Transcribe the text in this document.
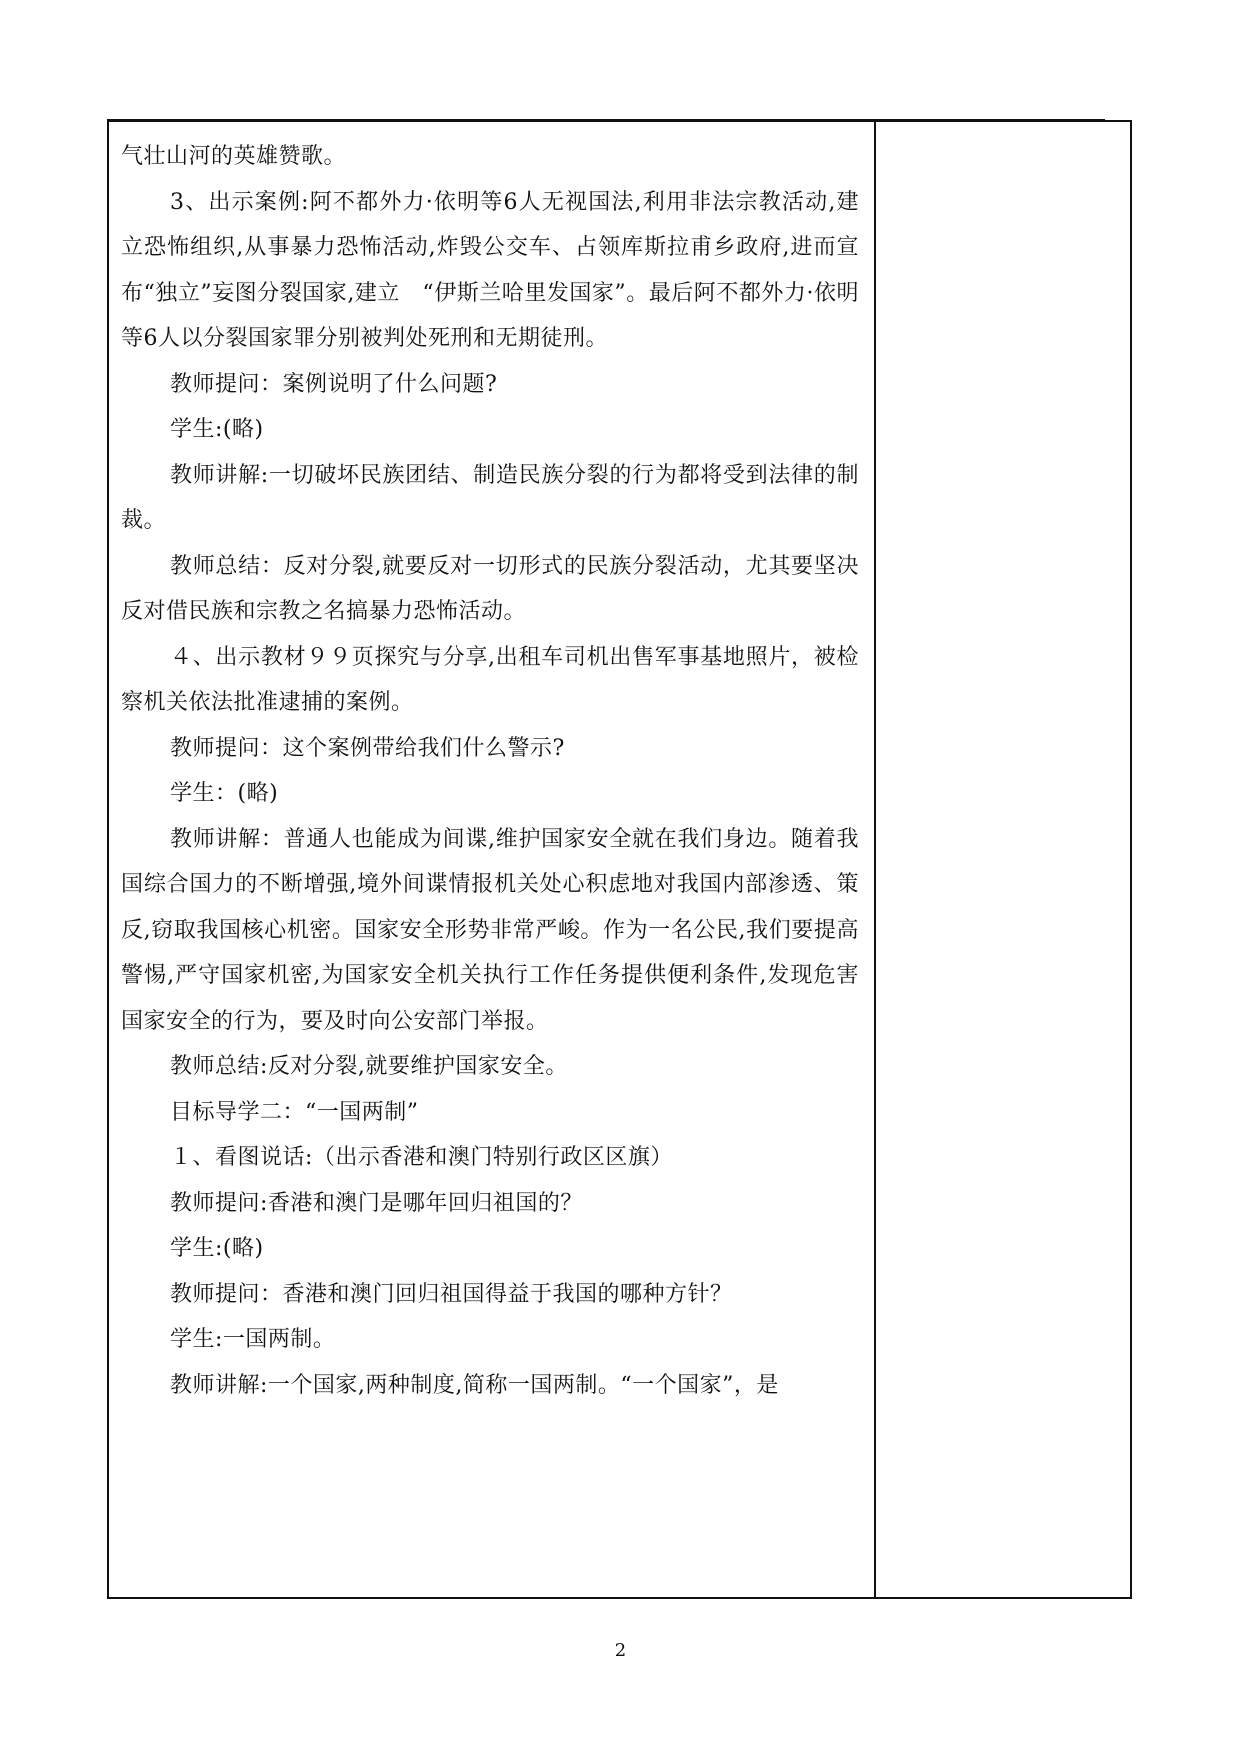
气壮山河的英雄赞歌。

3、出示案例:阿不都外力·依明等6人无视国法,利用非法宗教活动,建立恐怖组织,从事暴力恐怖活动,炸毁公交车、占领库斯拉甫乡政府,进而宣布“独立”妄图分裂国家,建立　“伊斯兰哈里发国家”。最后阿不都外力·依明等6人以分裂国家罪分别被判处死刑和无期徒刑。

教师提问：案例说明了什么问题?

学生:(略)

教师讲解:一切破坏民族团结、制造民族分裂的行为都将受到法律的制裁。

教师总结：反对分裂,就要反对一切形式的民族分裂活动，尤其要坚决反对借民族和宗教之名搞暴力恐怖活动。

４、出示教材９９页探究与分享,出租车司机出售军事基地照片，被检察机关依法批准逮捕的案例。

教师提问：这个案例带给我们什么警示?

学生：(略)

教师讲解：普通人也能成为间谍,维护国家安全就在我们身边。随着我国综合国力的不断增强,境外间谍情报机关处心积虑地对我国内部渗透、策反,窃取我国核心机密。国家安全形势非常严峻。作为一名公民,我们要提高警惕,严守国家机密,为国家安全机关执行工作任务提供便利条件,发现危害国家安全的行为，要及时向公安部门举报。

教师总结:反对分裂,就要维护国家安全。

目标导学二：“一国两制”

１、看图说话:（出示香港和澳门特别行政区区旗）

教师提问:香港和澳门是哪年回归祖国的？

学生:(略)

教师提问：香港和澳门回归祖国得益于我国的哪种方针？

学生:一国两制。

教师讲解:一个国家,两种制度,简称一国两制。“一个国家”，是

2
